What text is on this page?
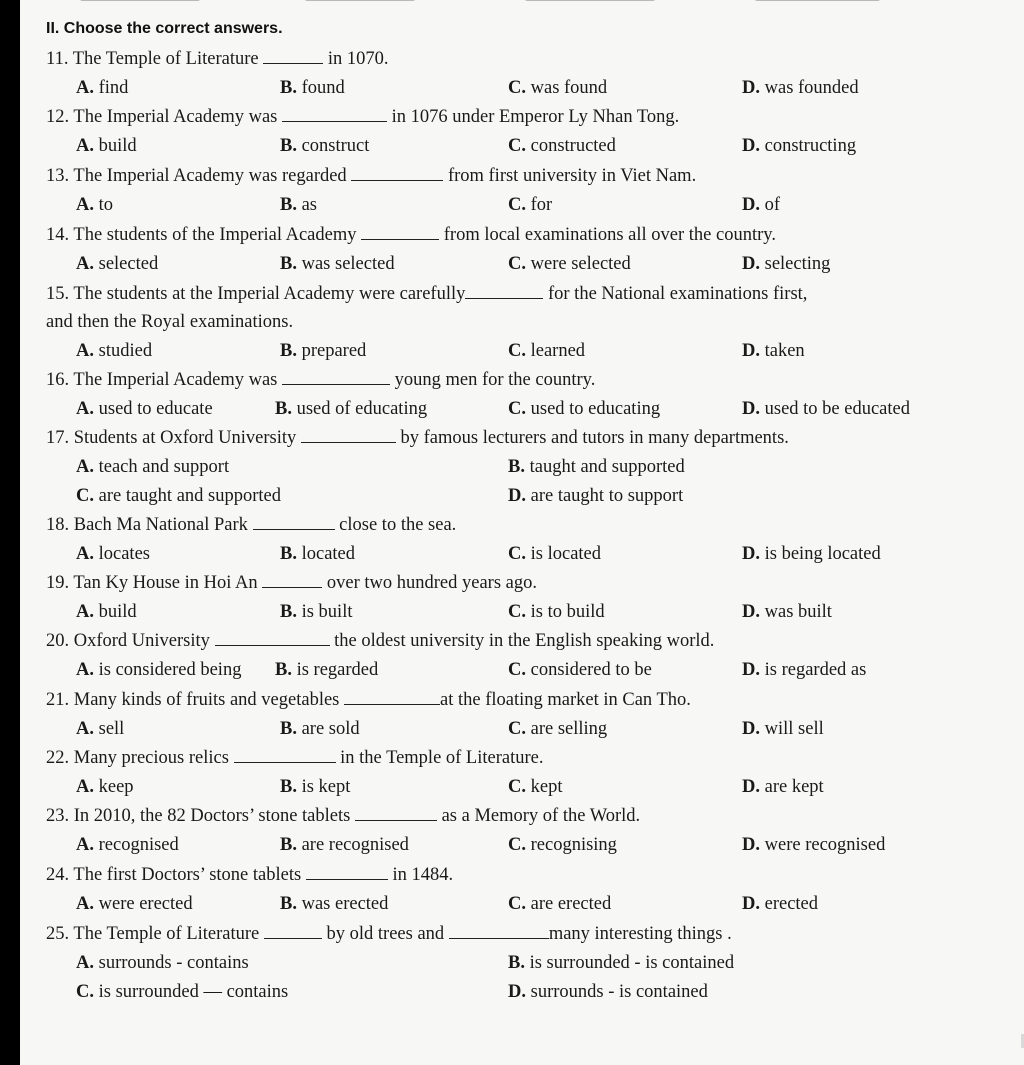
II. Choose the correct answers.
11. The Temple of Literature	in 1070.
A. find	B. found	C. was found	D. was founded
12. The Imperial Academy was	in 1076 under Emperor Ly Nhan Tong.
A. build	B. construct	C. constructed	D. constructing
13. The Imperial Academy was regarded	from first university in Viet Nam.
A. to	B. as	C. for	D. of
14. The students of the Imperial Academy	from local examinations all over the country.
A. selected	B. was selected	C. were selected	D. selecting
15. The students at the Imperial Academy were carefully	for the National examinations first,
and then the Royal examinations.
A. studied	B. prepared	C. learned	D. taken
16. The Imperial Academy was	young men for the country.
A. used to educate	B. used of educating	C. used to educating	D. used to be educated
17. Students at Oxford University	by famous lecturers and tutors in many departments.
A. teach and support	B. taught and supported
C. are taught and supported	D. are taught to support
18. Bach Ma National Park	close to the sea.
A. locates	B. located	C. is located	D. is being located
19. Tan Ky House in Hoi An	over two hundred years ago.
A. build	B. is built	C. is to build	D. was built
20. Oxford University	the oldest university in the English speaking world.
A. is considered being B. is regarded	C. considered to be	D. is regarded as
21. Many kinds of fruits and vegetables	at the floating market in Can Tho.
A. sell	B. are sold	C. are selling	D. will sell
22. Many precious relics	in the Temple of Literature.
A. keep	B. is kept	C. kept	D. are kept
23. In 2010, the 82 Doctors’ stone tablets	as a Memory of the World.
A. recognised	B. are recognised	C. recognising	D. were recognised
24. The first Doctors’ stone tablets	in 1484.
A. were erected	B. was erected	C. are erected	D. erected
25. The Temple of Literature	by old trees and	many interesting things .
A. surrounds - contains	B. is surrounded - is contained
C. is surrounded — contains	D. surrounds - is contained
